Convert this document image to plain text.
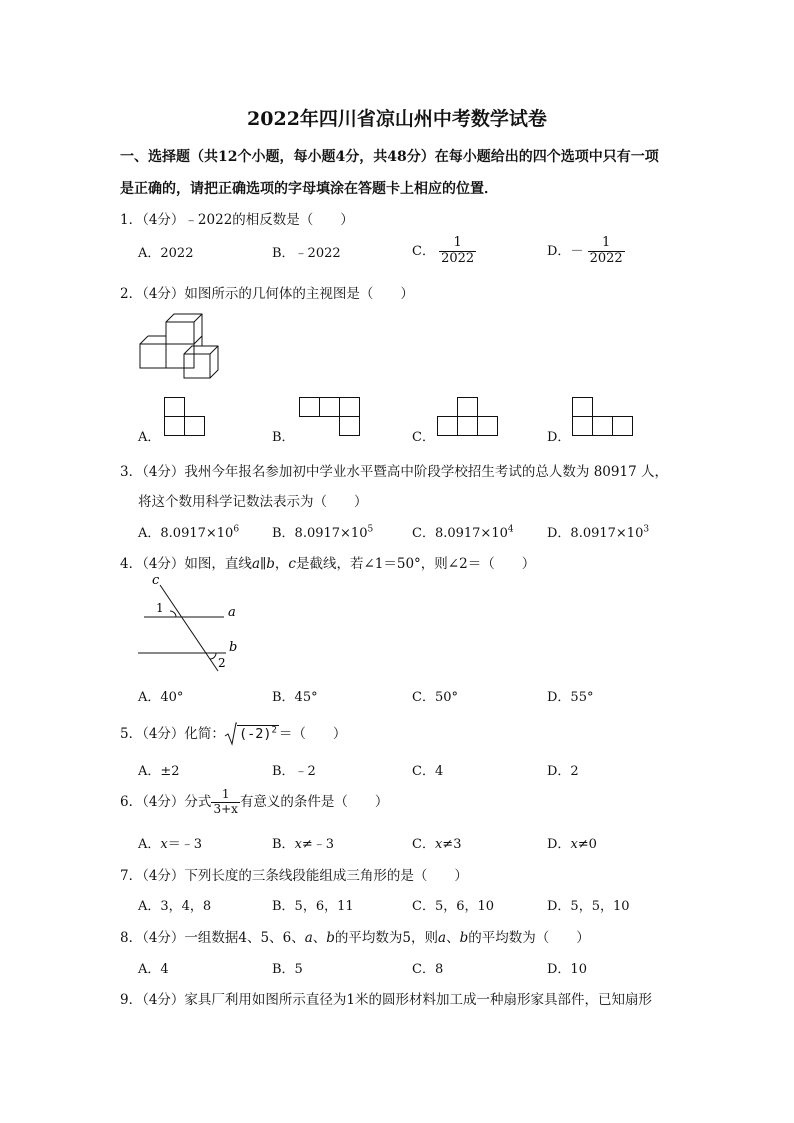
2022年四川省凉山州中考数学试卷
一、选择题（共12个小题，每小题4分，共48分）在每小题给出的四个选项中只有一项
是正确的，请把正确选项的字母填涂在答题卡上相应的位置．
1．（4分）﹣2022的相反数是（　　）
A．2022	B．﹣2022	C． $\frac{1}{2022}$	D．－ $\frac{1}{2022}$
2．（4分）如图所示的几何体的主视图是（　　）
A．	B．	C．	D．
3．（4分）我州今年报名参加初中学业水平暨高中阶段学校招生考试的总人数为 80917 人，
将这个数用科学记数法表示为（　　）
A．$8.0917\times 10^6$	B．$8.0917\times 10^5$	C．$8.0917\times 10^4$	D．$8.0917\times 10^3$
4．（4分）如图，直线a∥b，c是截线，若∠1＝50°，则∠2＝（　　）
c
1	a
b
2
A．40°	B．45°	C．50°	D．55°
5．（4分）化简： $(-2)^2$ ＝（　　）
A．±2	B．﹣2	C．4	D．2
6．（4分）分式 $\frac{1}{3+x}$ 有意义的条件是（　　）
A．x＝﹣3	B．x≠﹣3	C．x≠3	D．x≠0
7．（4分）下列长度的三条线段能组成三角形的是（　　）
A．3，4，8	B．5，6，11	C．5，6，10	D．5，5，10
8．（4分）一组数据4、5、6、a、b的平均数为5，则a、b的平均数为（　　）
A．4	B．5	C．8	D．10
9．（4分）家具厂利用如图所示直径为1米的圆形材料加工成一种扇形家具部件，已知扇形
